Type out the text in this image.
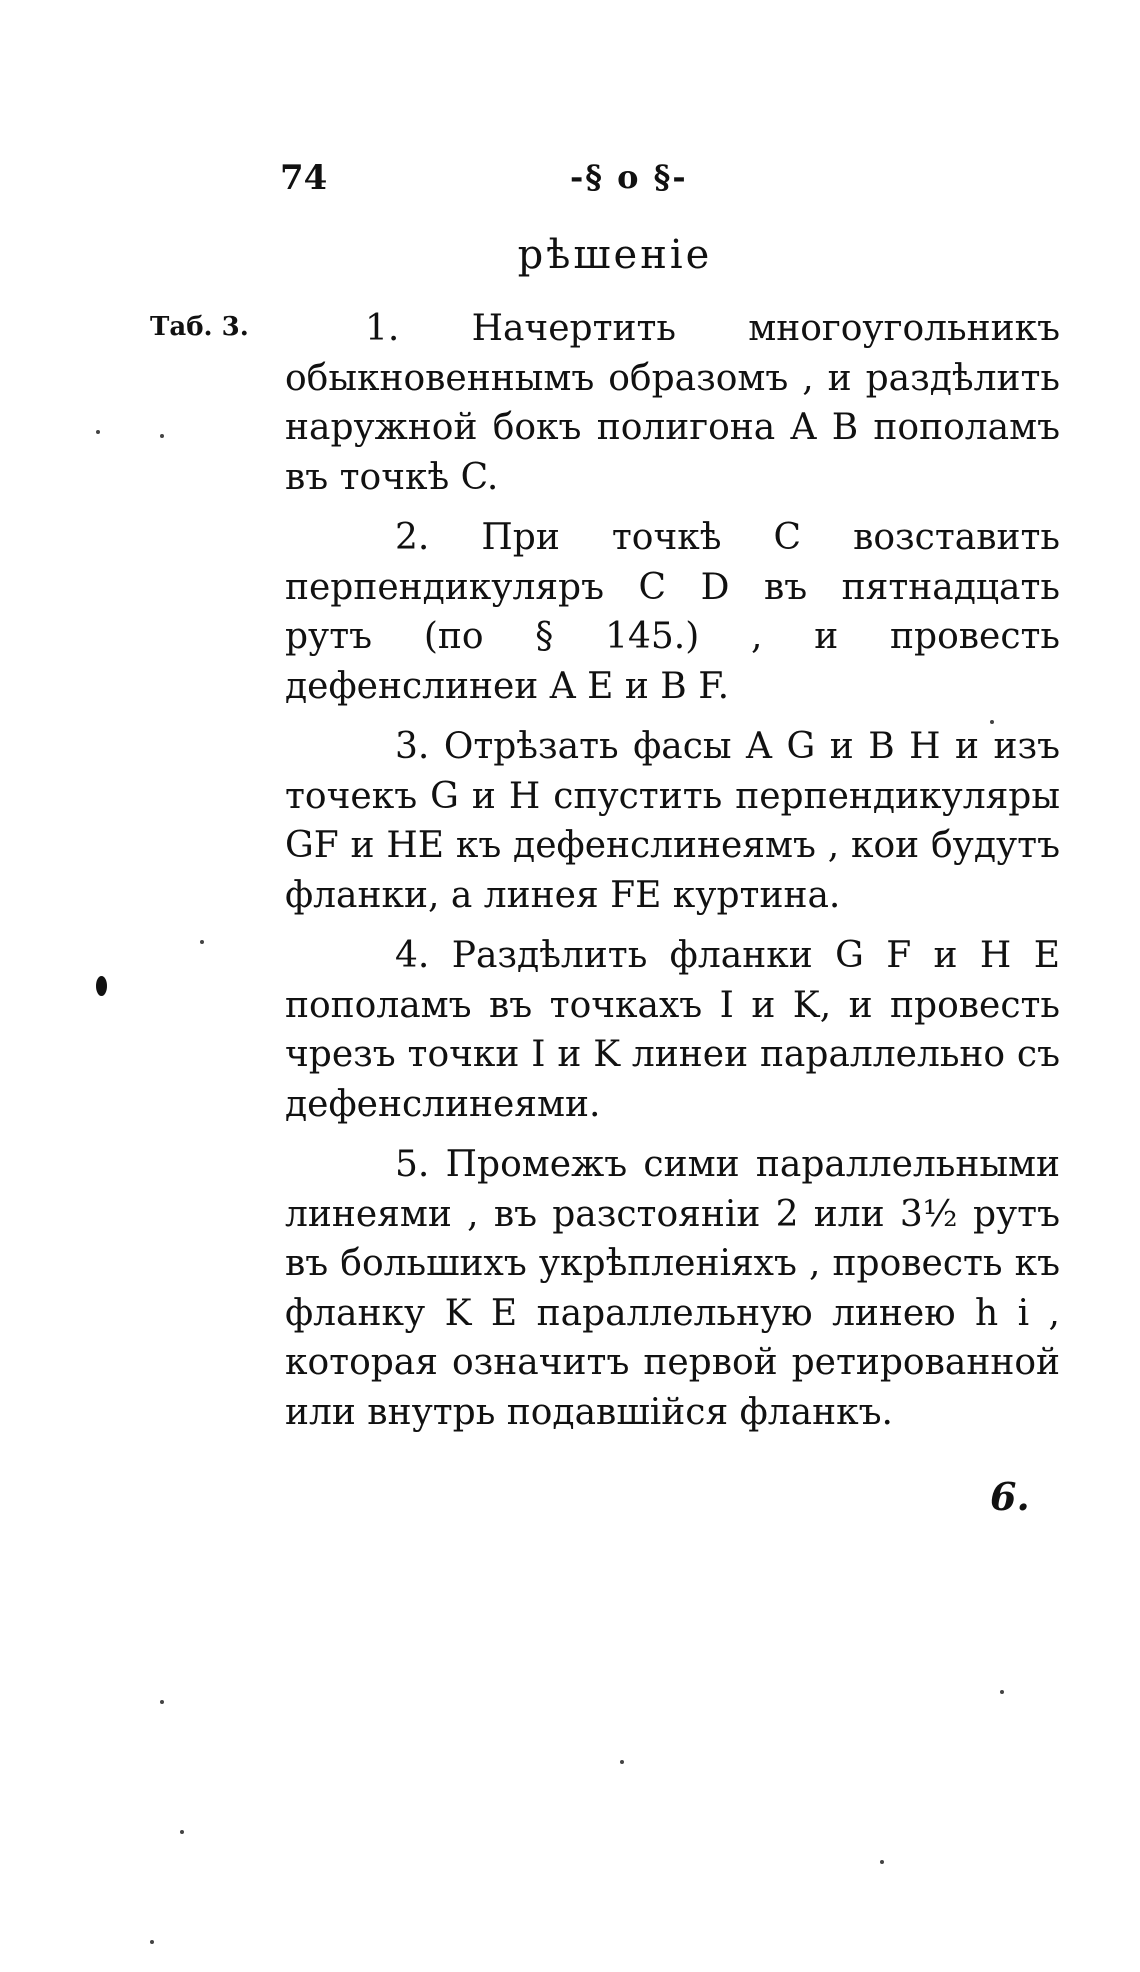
74	-§ o §-
рѣшеніе
Таб. 3.	1. Начертить многоугольникъ обыкновеннымъ образомъ , и раздѣлить наружной бокъ полигона A B пополамъ въ точкѣ C.

2. При точкѣ C возставить перпендикуляръ C D въ пятнадцать рутъ (по § 145.) , и провесть дефенслинеи A E и B F.

3. Отрѣзать фасы A G и B H и изъ точекъ G и H спустить перпендикуляры GF и HE къ дефенслинеямъ , кои будутъ фланки, а линея FE куртина.

4. Раздѣлить фланки G F и H E пополамъ въ точкахъ I и K, и провесть чрезъ точки I и K линеи параллельно съ дефенслинеями.

5. Промежъ сими параллельными линеями , въ разстояніи 2 или 3½ рутъ въ большихъ укрѣпленіяхъ , провесть къ фланку K E параллельную линею h i , которая означитъ первой ретированной или внутрь подавшійся фланкъ.

6.
